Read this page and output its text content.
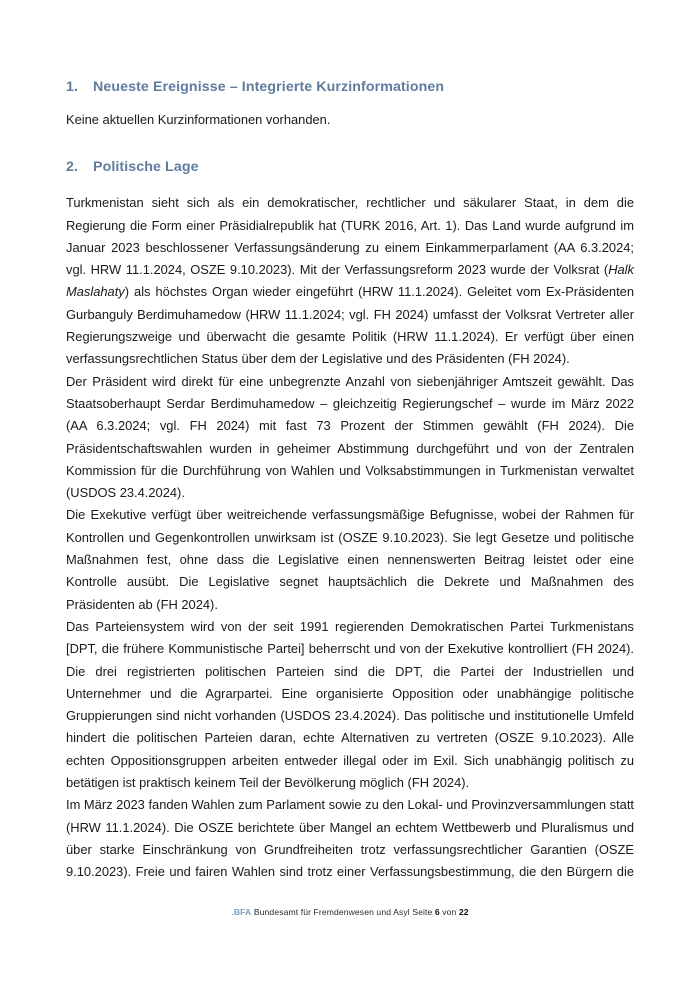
1.	Neueste Ereignisse – Integrierte Kurzinformationen

Keine aktuellen Kurzinformationen vorhanden.

2.	Politische Lage

Turkmenistan sieht sich als ein demokratischer, rechtlicher und säkularer Staat, in dem die Regierung die Form einer Präsidialrepublik hat (TURK 2016, Art. 1). Das Land wurde aufgrund im Januar 2023 beschlossener Verfassungsänderung zu einem Einkammerparlament (AA 6.3.2024; vgl. HRW 11.1.2024, OSZE 9.10.2023). Mit der Verfassungsreform 2023 wurde der Volksrat (Halk Maslahaty) als höchstes Organ wieder eingeführt (HRW 11.1.2024). Geleitet vom Ex-Präsidenten Gurbanguly Berdimuhamedow (HRW 11.1.2024; vgl. FH 2024) umfasst der Volksrat Vertreter aller Regierungszweige und überwacht die gesamte Politik (HRW 11.1.2024). Er verfügt über einen verfassungsrechtlichen Status über dem der Legislative und des Präsidenten (FH 2024).

Der Präsident wird direkt für eine unbegrenzte Anzahl von siebenjähriger Amtszeit gewählt. Das Staatsoberhaupt Serdar Berdimuhamedow – gleichzeitig Regierungschef – wurde im März 2022 (AA 6.3.2024; vgl. FH 2024) mit fast 73 Prozent der Stimmen gewählt (FH 2024). Die Präsidentschaftswahlen wurden in geheimer Abstimmung durchgeführt und von der Zentralen Kommission für die Durchführung von Wahlen und Volksabstimmungen in Turkmenistan verwaltet (USDOS 23.4.2024).

Die Exekutive verfügt über weitreichende verfassungsmäßige Befugnisse, wobei der Rahmen für Kontrollen und Gegenkontrollen unwirksam ist (OSZE 9.10.2023). Sie legt Gesetze und politische Maßnahmen fest, ohne dass die Legislative einen nennenswerten Beitrag leistet oder eine Kontrolle ausübt. Die Legislative segnet hauptsächlich die Dekrete und Maßnahmen des Präsidenten ab (FH 2024).

Das Parteiensystem wird von der seit 1991 regierenden Demokratischen Partei Turkmenistans [DPT, die frühere Kommunistische Partei] beherrscht und von der Exekutive kontrolliert (FH 2024). Die drei registrierten politischen Parteien sind die DPT, die Partei der Industriellen und Unternehmer und die Agrarpartei. Eine organisierte Opposition oder unabhängige politische Gruppierungen sind nicht vorhanden (USDOS 23.4.2024). Das politische und institutionelle Umfeld hindert die politischen Parteien daran, echte Alternativen zu vertreten (OSZE 9.10.2023). Alle echten Oppositionsgruppen arbeiten entweder illegal oder im Exil. Sich unabhängig politisch zu betätigen ist praktisch keinem Teil der Bevölkerung möglich (FH 2024).

Im März 2023 fanden Wahlen zum Parlament sowie zu den Lokal- und Provinzversammlungen statt (HRW 11.1.2024). Die OSZE berichtete über Mangel an echtem Wettbewerb und Pluralismus und über starke Einschränkung von Grundfreiheiten trotz verfassungsrechtlicher Garantien (OSZE 9.10.2023). Freie und fairen Wahlen sind trotz einer Verfassungsbestimmung, die den Bürgern die

.BFA Bundesamt für Fremdenwesen und Asyl Seite 6 von 22
